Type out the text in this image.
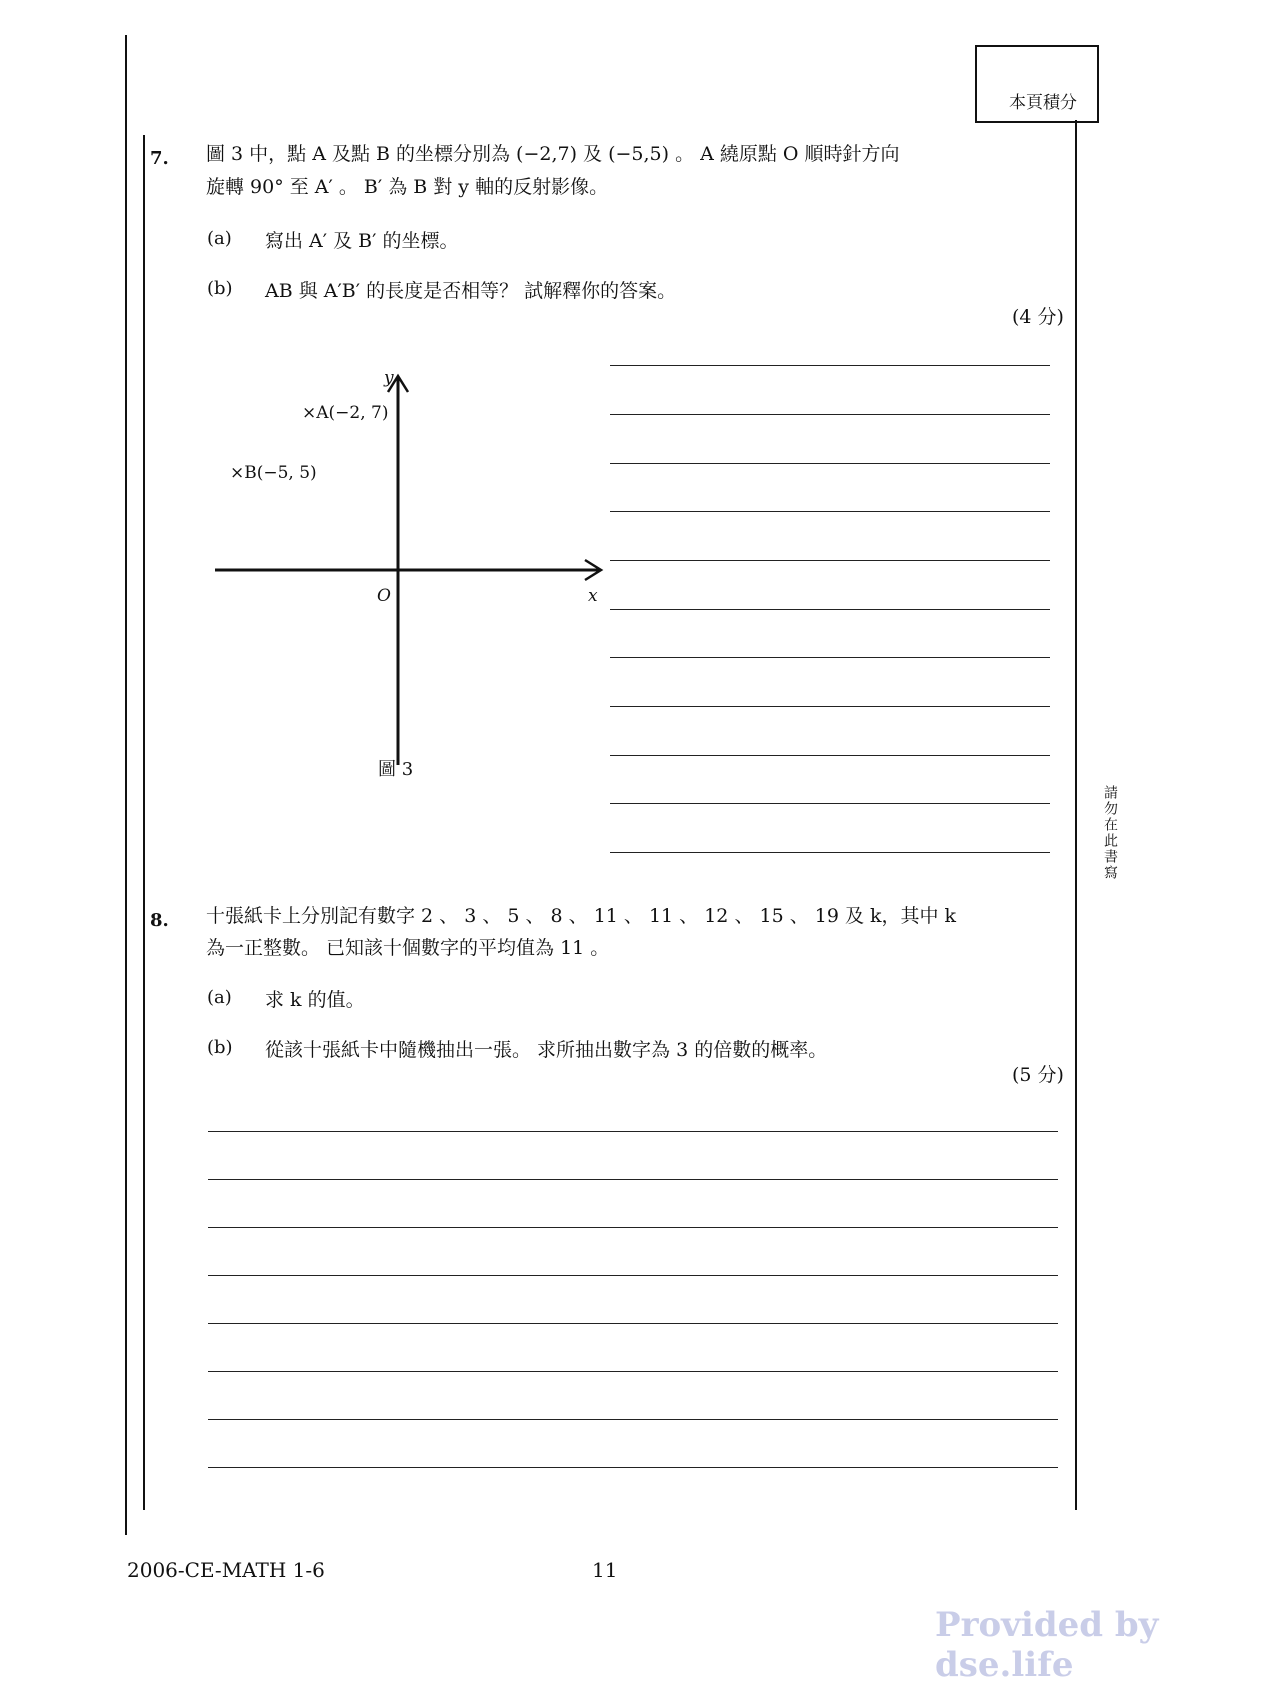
本頁積分
7. 圖 3 中，點 A 及點 B 的坐標分別為 (−2,7) 及 (−5,5) 。 A 繞原點 O 順時針方向
旋轉 90° 至 A′ 。 B′ 為 B 對 y 軸的反射影像。
(a) 寫出 A′ 及 B′ 的坐標。
(b) AB 與 A′B′ 的長度是否相等？ 試解釋你的答案。
(4 分)
y
×A(−2, 7)
×B(−5, 5)
O	x
圖 3
8. 十張紙卡上分別記有數字 2 、 3 、 5 、 8 、 11 、 11 、 12 、 15 、 19 及 k，其中 k
為一正整數。 已知該十個數字的平均值為 11 。
(a) 求 k 的值。
(b) 從該十張紙卡中隨機抽出一張。 求所抽出數字為 3 的倍數的概率。
(5 分)
請勿在此書寫
2006-CE-MATH 1-6	11
Provided by dse.life
